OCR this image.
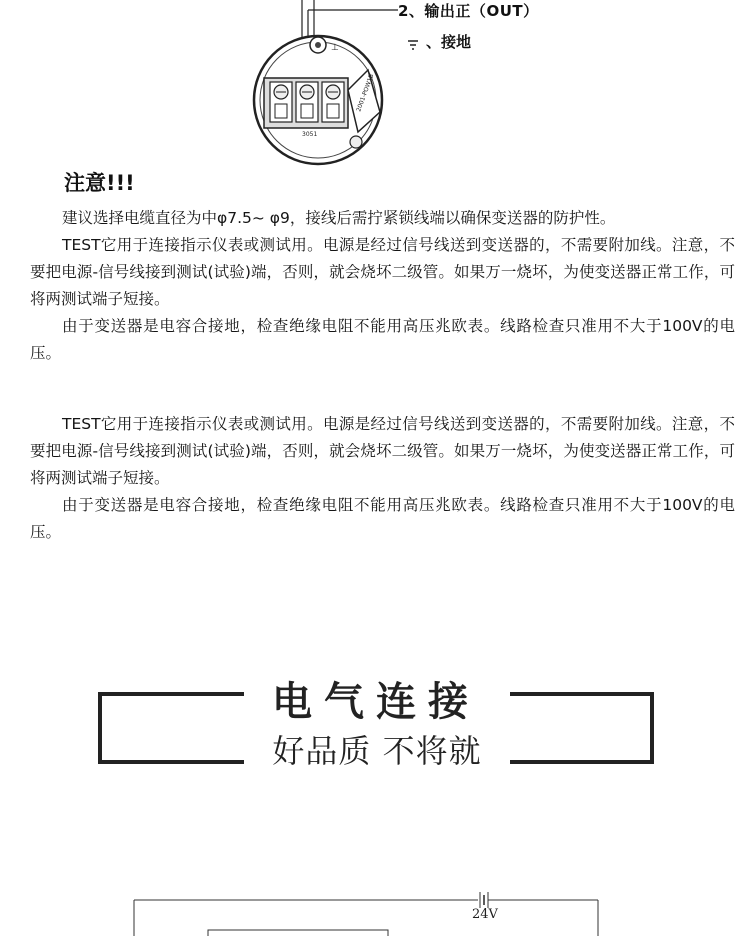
⊥
2001-POW1B
3051
2、输出正（OUT）
、接地
注意!!!

建议选择电缆直径为中φ7.5~ φ9，接线后需拧紧锁线端以确保变送器的防护性。

TEST它用于连接指示仪表或测试用。电源是经过信号线送到变送器的，不需要附加线。注意，不要把电源-信号线接到测试(试验)端，否则，就会烧坏二级管。如果万一烧坏，为使变送器正常工作，可将两测试端子短接。

由于变送器是电容合接地，检查绝缘电阻不能用高压兆欧表。线路检查只准用不大于100V的电压。

TEST它用于连接指示仪表或测试用。电源是经过信号线送到变送器的，不需要附加线。注意，不要把电源-信号线接到测试(试验)端，否则，就会烧坏二级管。如果万一烧坏，为使变送器正常工作，可将两测试端子短接。

由于变送器是电容合接地，检查绝缘电阻不能用高压兆欧表。线路检查只准用不大于100V的电压。

电气连接
好品质 不将就
24V
